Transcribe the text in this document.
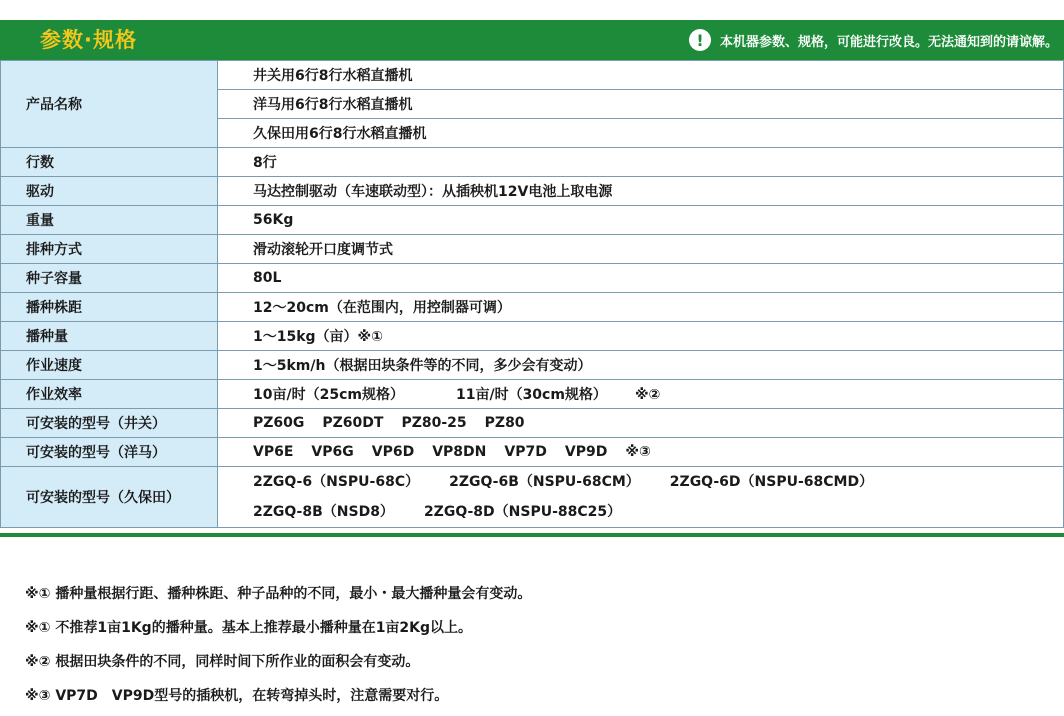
参数·规格	!	本机器参数、规格，可能进行改良。无法通知到的请谅解。
产品名称	井关用6行8行水稻直播机
	洋马用6行8行水稻直播机
	久保田用6行8行水稻直播机
行数	8行
驱动	马达控制驱动（车速联动型）：从插秧机12V电池上取电源
重量	56Kg
排种方式	滑动滚轮开口度调节式
种子容量	80L
播种株距	12～20cm（在范围内，用控制器可调）
播种量	1～15kg（亩）※①
作业速度	1～5km/h（根据田块条件等的不同，多少会有变动）
作业效率	10亩/时（25cm规格） 11亩/时（30cm规格） ※②
可安装的型号（井关）	PZ60G PZ60DT PZ80-25 PZ80
可安装的型号（洋马）	VP6E VP6G VP6D VP8DN VP7D VP9D ※③
可安装的型号（久保田）	2ZGQ-6（NSPU-68C） 2ZGQ-6B（NSPU-68CM） 2ZGQ-6D（NSPU-68CMD）
2ZGQ-8B（NSD8） 2ZGQ-8D（NSPU-88C25）
※① 播种量根据行距、播种株距、种子品种的不同，最小・最大播种量会有变动。
※① 不推荐1亩1Kg的播种量。基本上推荐最小播种量在1亩2Kg以上。
※② 根据田块条件的不同，同样时间下所作业的面积会有变动。
※③ VP7D　VP9D型号的插秧机，在转弯掉头时，注意需要对行。
